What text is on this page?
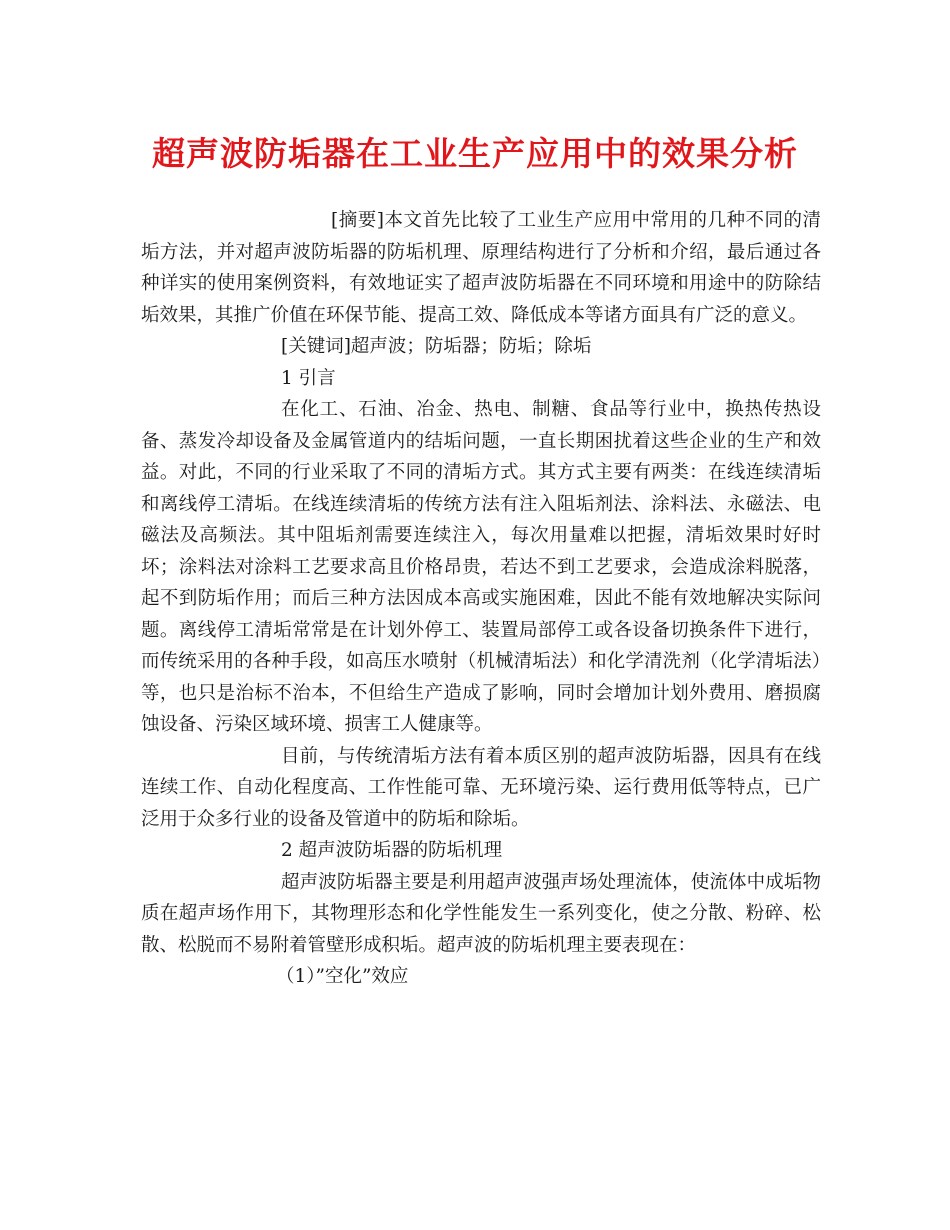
超声波防垢器在工业生产应用中的效果分析

[摘要]本文首先比较了工业生产应用中常用的几种不同的清垢方法，并对超声波防垢器的防垢机理、原理结构进行了分析和介绍，最后通过各种详实的使用案例资料，有效地证实了超声波防垢器在不同环境和用途中的防除结垢效果，其推广价值在环保节能、提高工效、降低成本等诸方面具有广泛的意义。

[关键词]超声波；防垢器；防垢；除垢

1 引言

在化工、石油、冶金、热电、制糖、食品等行业中，换热传热设备、蒸发冷却设备及金属管道内的结垢问题，一直长期困扰着这些企业的生产和效益。对此，不同的行业采取了不同的清垢方式。其方式主要有两类：在线连续清垢和离线停工清垢。在线连续清垢的传统方法有注入阻垢剂法、涂料法、永磁法、电磁法及高频法。其中阻垢剂需要连续注入，每次用量难以把握，清垢效果时好时坏；涂料法对涂料工艺要求高且价格昂贵，若达不到工艺要求，会造成涂料脱落，起不到防垢作用；而后三种方法因成本高或实施困难，因此不能有效地解决实际问题。离线停工清垢常常是在计划外停工、装置局部停工或各设备切换条件下进行，而传统采用的各种手段，如高压水喷射（机械清垢法）和化学清洗剂（化学清垢法）等，也只是治标不治本，不但给生产造成了影响，同时会增加计划外费用、磨损腐蚀设备、污染区域环境、损害工人健康等。

目前，与传统清垢方法有着本质区别的超声波防垢器，因具有在线连续工作、自动化程度高、工作性能可靠、无环境污染、运行费用低等特点，已广泛用于众多行业的设备及管道中的防垢和除垢。

2 超声波防垢器的防垢机理

超声波防垢器主要是利用超声波强声场处理流体，使流体中成垢物质在超声场作用下，其物理形态和化学性能发生一系列变化，使之分散、粉碎、松散、松脱而不易附着管壁形成积垢。超声波的防垢机理主要表现在：

（1）”空化”效应
